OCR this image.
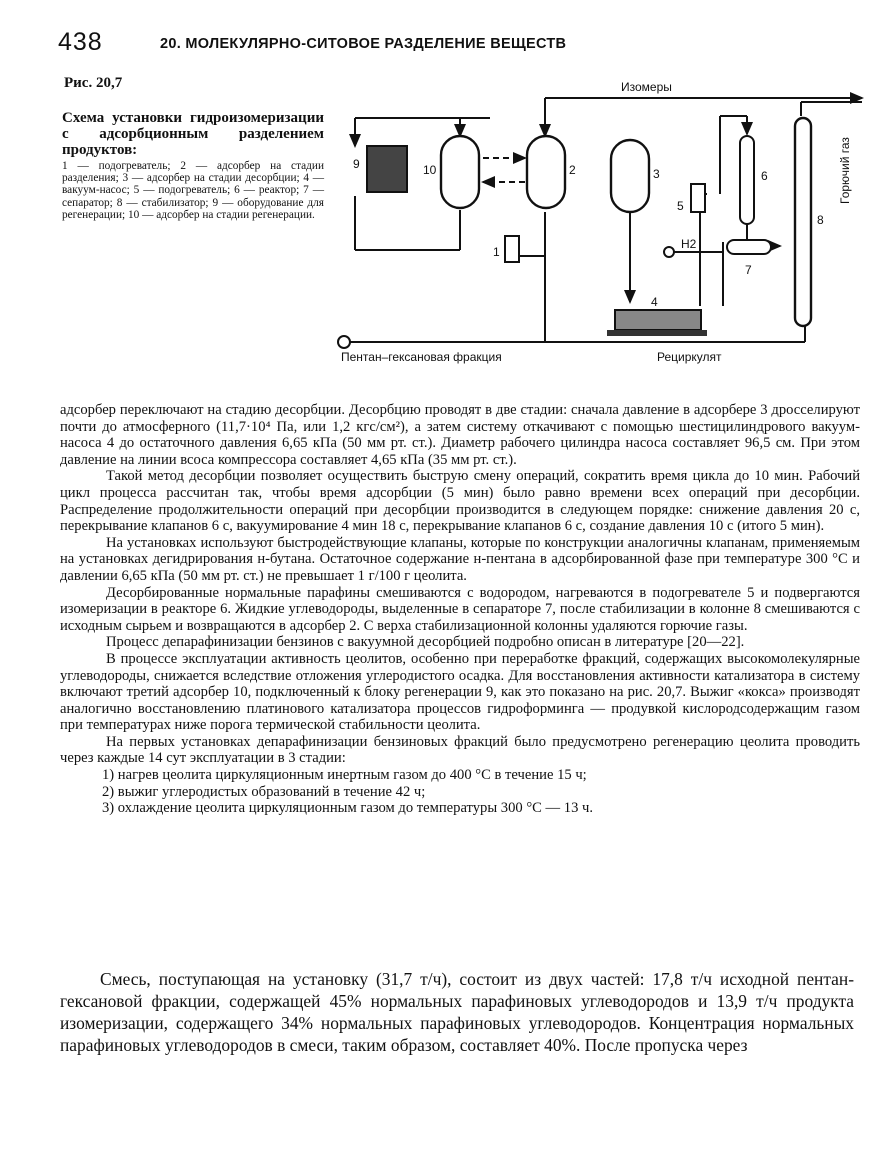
438	20. МОЛЕКУЛЯРНО-СИТОВОЕ РАЗДЕЛЕНИЕ ВЕЩЕСТВ
Рис. 20,7

Схема установки гидроизомеризации с адсорбционным разделением продуктов:

1 — подогреватель; 2 — адсорбер на стадии разделения; 3 — адсорбер на стадии десорбции; 4 — вакуум-насос; 5 — подогреватель; 6 — реактор; 7 — сепаратор; 8 — стабилизатор; 9 — оборудование для регенерации; 10 — адсорбер на стадии регенерации.

9	10	2	3
1
5
6
7
8
4
Изомеры
H2
Пентан–гексановая фракция	Рециркулят
Горючий газ

адсорбер переключают на стадию десорбции. Десорбцию проводят в две стадии: сначала давление в адсорбере 3 дросселируют почти до атмосферного (11,7·10⁴ Па, или 1,2 кгс/см²), а затем систему откачивают с помощью шестицилиндрового вакуум-насоса 4 до остаточного давления 6,65 кПа (50 мм рт. ст.). Диаметр рабочего цилиндра насоса составляет 96,5 см. При этом давление на линии всоса компрессора составляет 4,65 кПа (35 мм рт. ст.).

Такой метод десорбции позволяет осуществить быструю смену операций, сократить время цикла до 10 мин. Рабочий цикл процесса рассчитан так, чтобы время адсорбции (5 мин) было равно времени всех операций при десорбции. Распределение продолжительности операций при десорбции производится в следующем порядке: снижение давления 20 с, перекрывание клапанов 6 с, вакуумирование 4 мин 18 с, перекрывание клапанов 6 с, создание давления 10 с (итого 5 мин).

На установках используют быстродействующие клапаны, которые по конструкции аналогичны клапанам, применяемым на установках дегидрирования н-бутана. Остаточное содержание н-пентана в адсорбированной фазе при температуре 300 °С и давлении 6,65 кПа (50 мм рт. ст.) не превышает 1 г/100 г цеолита.

Десорбированные нормальные парафины смешиваются с водородом, нагреваются в подогревателе 5 и подвергаются изомеризации в реакторе 6. Жидкие углеводороды, выделенные в сепараторе 7, после стабилизации в колонне 8 смешиваются с исходным сырьем и возвращаются в адсорбер 2. С верха стабилизационной колонны удаляются горючие газы.

Процесс депарафинизации бензинов с вакуумной десорбцией подробно описан в литературе [20—22].

В процессе эксплуатации активность цеолитов, особенно при переработке фракций, содержащих высокомолекулярные углеводороды, снижается вследствие отложения углеродистого осадка. Для восстановления активности катализатора в систему включают третий адсорбер 10, подключенный к блоку регенерации 9, как это показано на рис. 20,7. Выжиг «кокса» производят аналогично восстановлению платинового катализатора процессов гидроформинга — продувкой кислородсодержащим газом при температурах ниже порога термической стабильности цеолита.

На первых установках депарафинизации бензиновых фракций было предусмотрено регенерацию цеолита проводить через каждые 14 сут эксплуатации в 3 стадии:

1) нагрев цеолита циркуляционным инертным газом до 400 °С в течение 15 ч;

2) выжиг углеродистых образований в течение 42 ч;

3) охлаждение цеолита циркуляционным газом до температуры 300 °С — 13 ч.

Смесь, поступающая на установку (31,7 т/ч), состоит из двух частей: 17,8 т/ч исходной пентан-гексановой фракции, содержащей 45% нормальных парафиновых углеводородов и 13,9 т/ч продукта изомеризации, содержащего 34% нормальных парафиновых углеводородов. Концентрация нормальных парафиновых углеводородов в смеси, таким образом, составляет 40%. После пропуска через
